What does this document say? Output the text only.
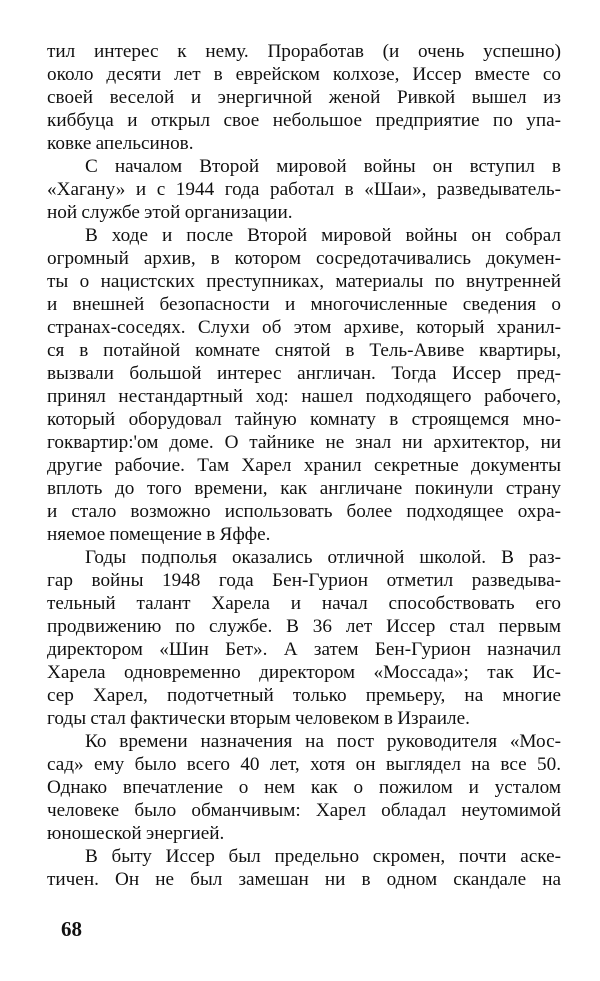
тил интерес к нему. Проработав (и очень успешно)
около десяти лет в еврейском колхозе, Иссер вместе со
своей веселой и энергичной женой Ривкой вышел из
киббуца и открыл свое небольшое предприятие по упа-
ковке апельсинов.
С началом Второй мировой войны он вступил в
«Хагану» и с 1944 года работал в «Шаи», разведыватель-
ной службе этой организации.
В ходе и после Второй мировой войны он собрал
огромный архив, в котором сосредотачивались докумен-
ты о нацистских преступниках, материалы по внутренней
и внешней безопасности и многочисленные сведения о
странах-соседях. Слухи об этом архиве, который хранил-
ся в потайной комнате снятой в Тель-Авиве квартиры,
вызвали большой интерес англичан. Тогда Иссер пред-
принял нестандартный ход: нашел подходящего рабочего,
который оборудовал тайную комнату в строящемся мно-
гоквартир:'ом доме. О тайнике не знал ни архитектор, ни
другие рабочие. Там Харел хранил секретные документы
вплоть до того времени, как англичане покинули страну
и стало возможно использовать более подходящее охра-
няемое помещение в Яффе.
Годы подполья оказались отличной школой. В раз-
гар войны 1948 года Бен-Гурион отметил разведыва-
тельный талант Харела и начал способствовать его
продвижению по службе. В 36 лет Иссер стал первым
директором «Шин Бет». А затем Бен-Гурион назначил
Харела одновременно директором «Моссада»; так Ис-
сер Харел, подотчетный только премьеру, на многие
годы стал фактически вторым человеком в Израиле.
Ко времени назначения на пост руководителя «Мос-
сад» ему было всего 40 лет, хотя он выглядел на все 50.
Однако впечатление о нем как о пожилом и усталом
человеке было обманчивым: Харел обладал неутомимой
юношеской энергией.
В быту Иссер был предельно скромен, почти аске-
тичен. Он не был замешан ни в одном скандале на
68
